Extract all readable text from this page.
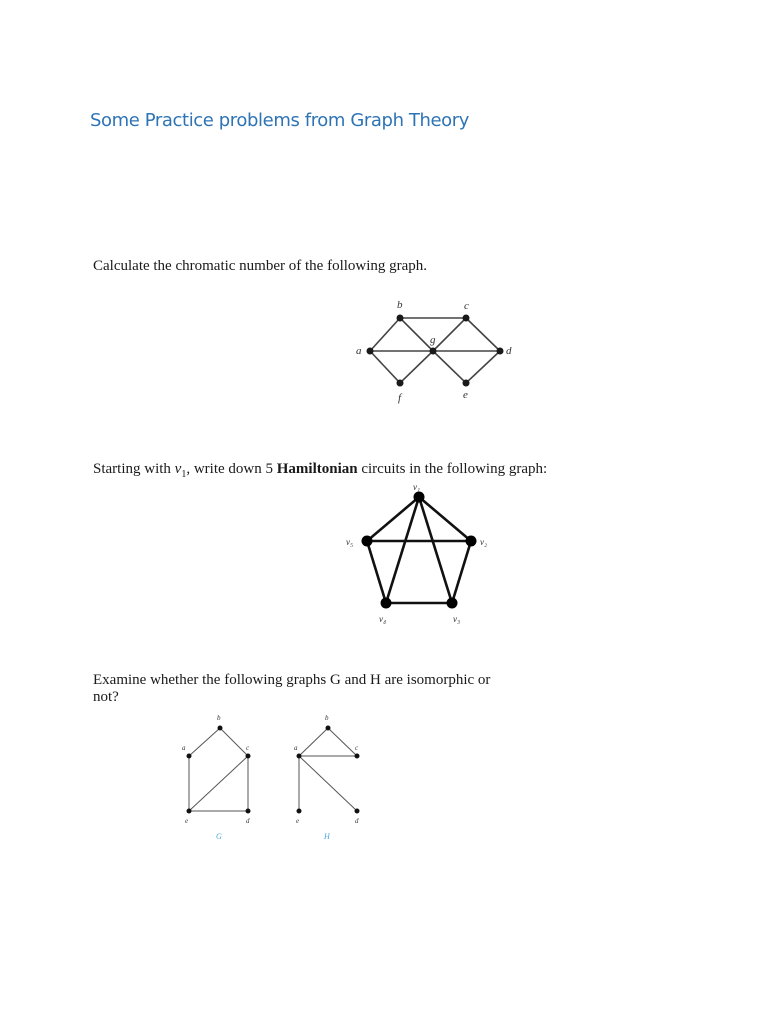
Some Practice problems from Graph Theory
Calculate the chromatic number of the following graph.
Starting with $v_1$, write down 5 Hamiltonian circuits in the following graph:
Examine whether the following graphs G and H are isomorphic or
not?
a
b	c
g
d
f	e
v₁
v₂
v₃
v₄
v₅
b
a	c
e	d
G
b
a	c
e	d
H
